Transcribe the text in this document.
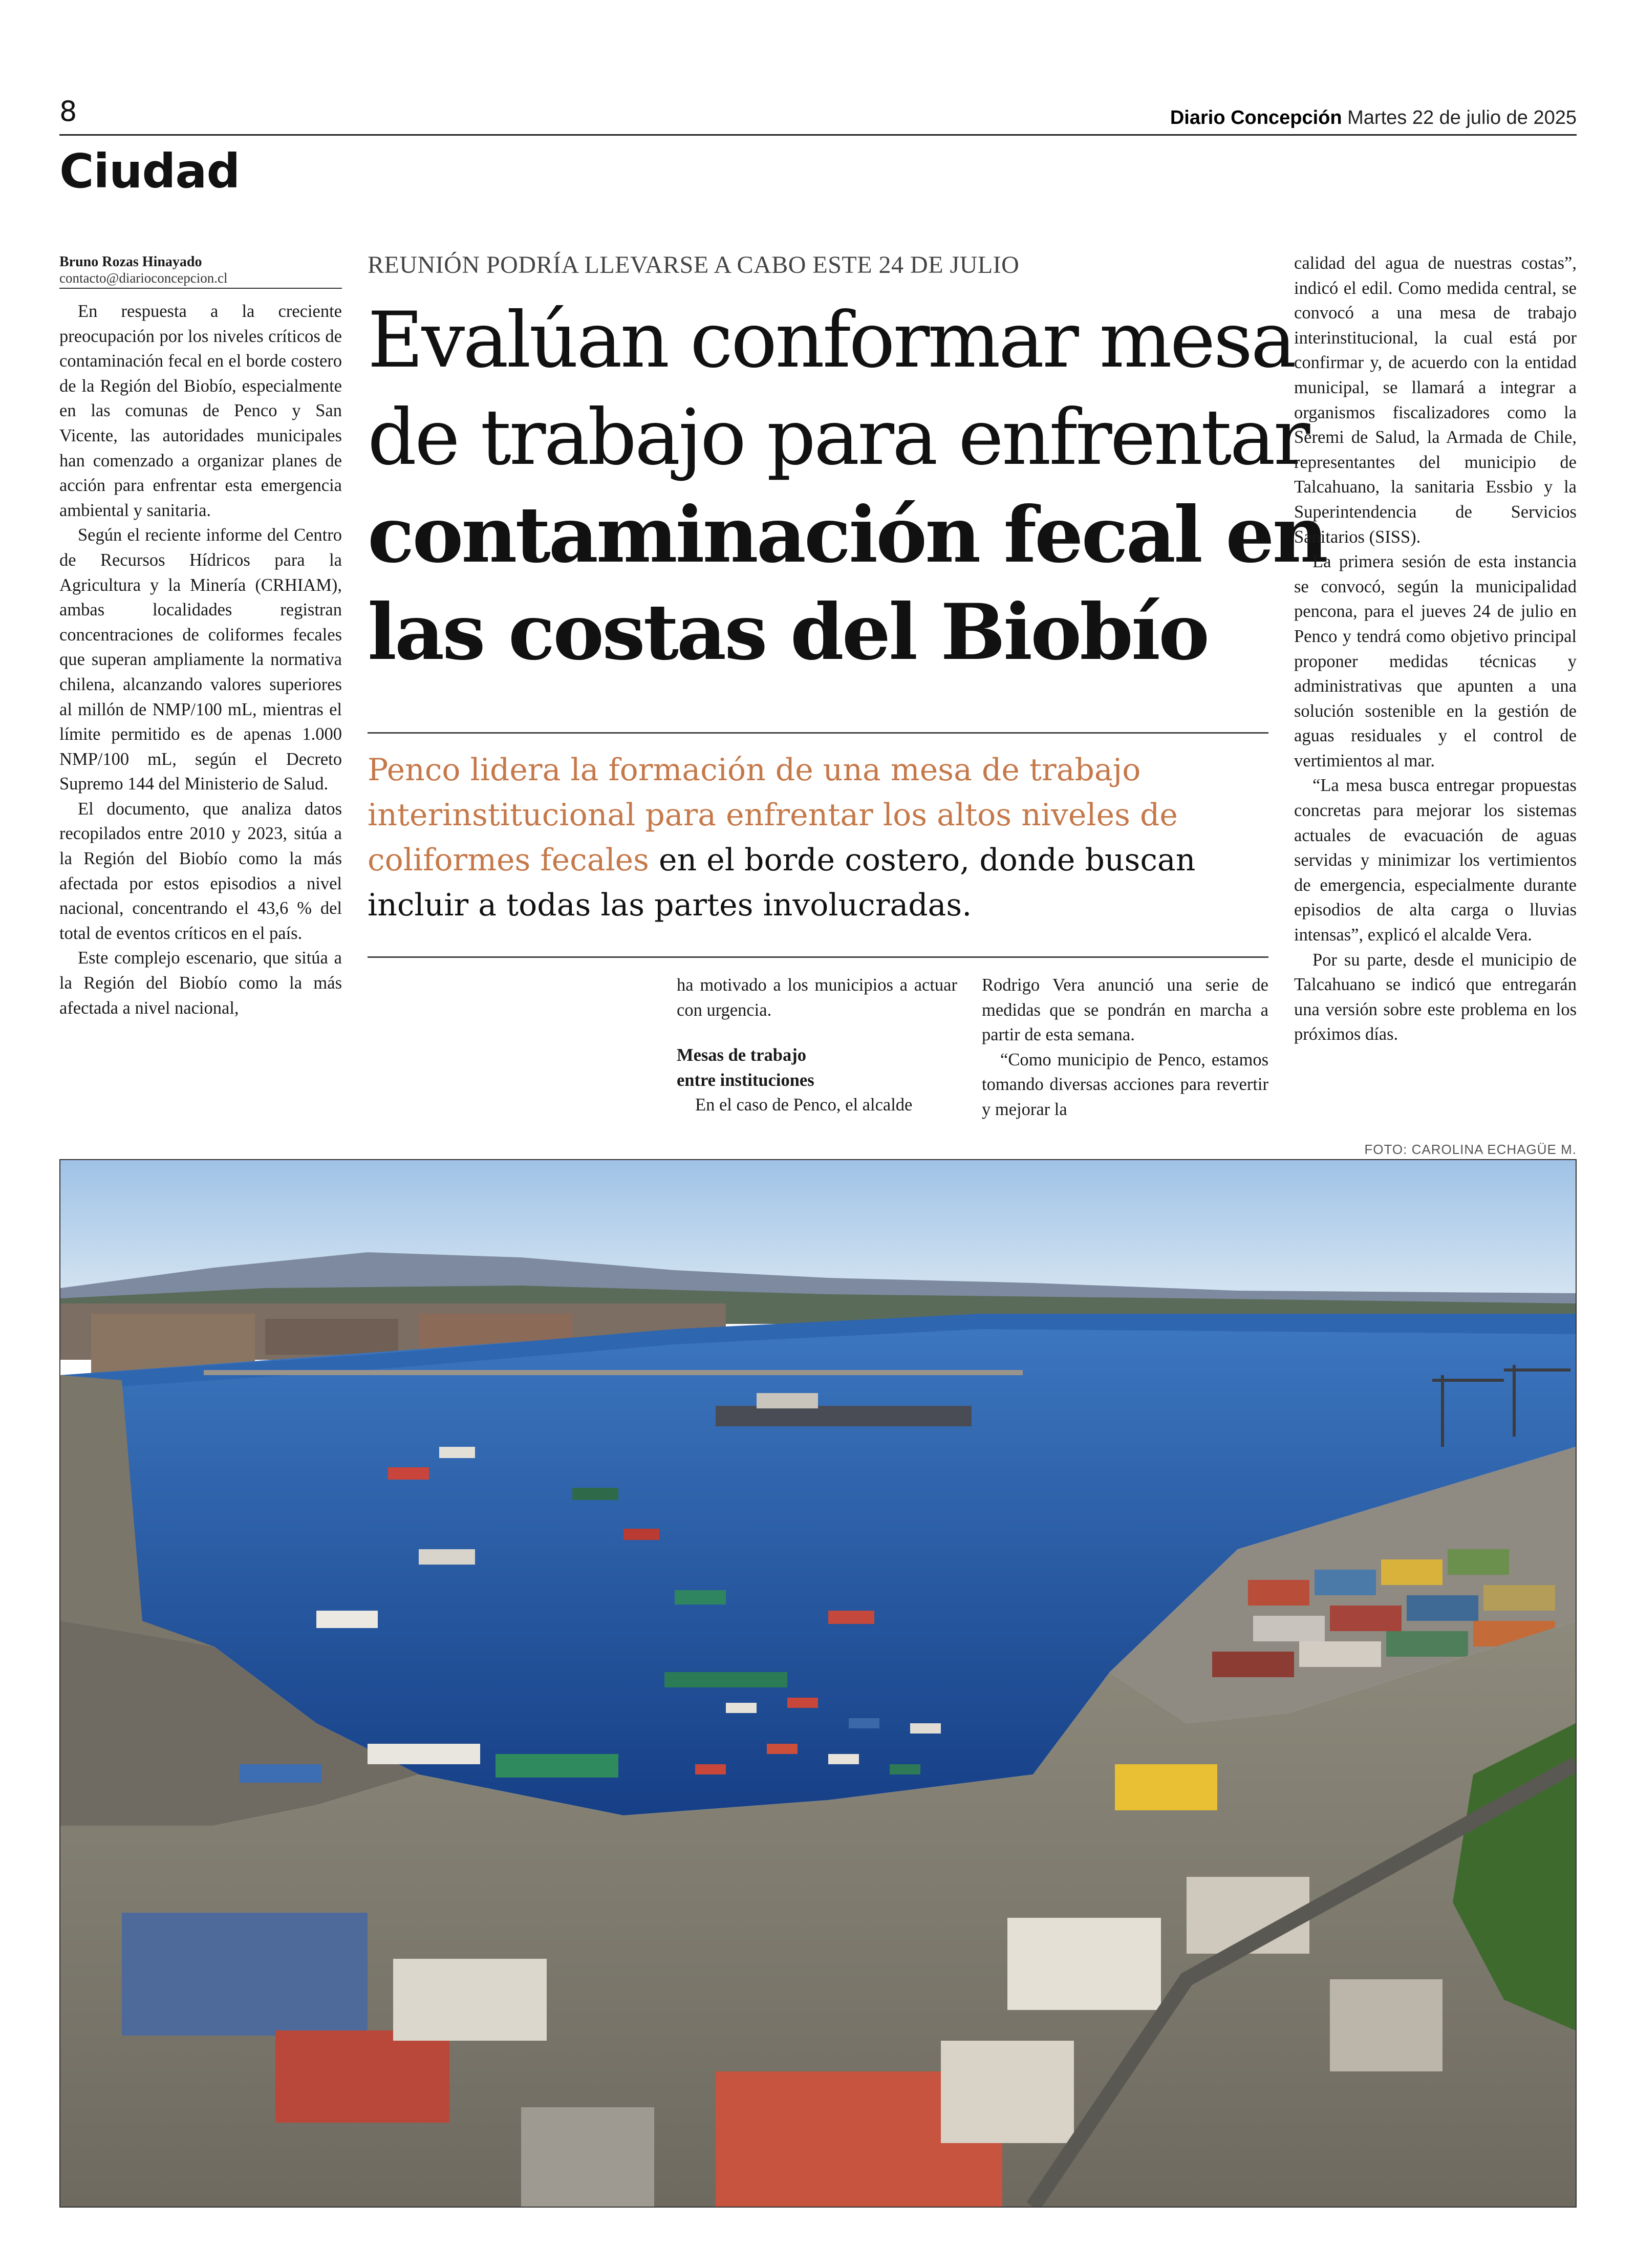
8	Diario Concepción Martes 22 de julio de 2025
Ciudad
Bruno Rozas Hinayado
contacto@diarioconcepcion.cl

En respuesta a la creciente preocupación por los niveles críticos de contaminación fecal en el borde costero de la Región del Biobío, especialmente en las comunas de Penco y San Vicente, las autoridades municipales han comenzado a organizar planes de acción para enfrentar esta emergencia ambiental y sanitaria.

Según el reciente informe del Centro de Recursos Hídricos para la Agricultura y la Minería (CRHIAM), ambas localidades registran concentraciones de coliformes fecales que superan ampliamente la normativa chilena, alcanzando valores superiores al millón de NMP/100 mL, mientras el límite permitido es de apenas 1.000 NMP/100 mL, según el Decreto Supremo 144 del Ministerio de Salud.

El documento, que analiza datos recopilados entre 2010 y 2023, sitúa a la Región del Biobío como la más afectada por estos episodios a nivel nacional, concentrando el 43,6 % del total de eventos críticos en el país.

Este complejo escenario, que sitúa a la Región del Biobío como la más afectada a nivel nacional,

REUNIÓN PODRÍA LLEVARSE A CABO ESTE 24 DE JULIO
Evalúan conformar mesa
de trabajo para enfrentar
contaminación fecal en
las costas del Biobío
Penco lidera la formación de una mesa de trabajo interinstitucional para enfrentar los altos niveles de coliformes fecales en el borde costero, donde buscan incluir a todas las partes involucradas.

ha motivado a los municipios a actuar con urgencia.

Mesas de trabajo
entre instituciones

En el caso de Penco, el alcalde

Rodrigo Vera anunció una serie de medidas que se pondrán en marcha a partir de esta semana.

“Como municipio de Penco, estamos tomando diversas acciones para revertir y mejorar la

calidad del agua de nuestras costas”, indicó el edil. Como medida central, se convocó a una mesa de trabajo interinstitucional, la cual está por confirmar y, de acuerdo con la entidad municipal, se llamará a integrar a organismos fiscalizadores como la Seremi de Salud, la Armada de Chile, representantes del municipio de Talcahuano, la sanitaria Essbio y la Superintendencia de Servicios Sanitarios (SISS).

La primera sesión de esta instancia se convocó, según la municipalidad pencona, para el jueves 24 de julio en Penco y tendrá como objetivo principal proponer medidas técnicas y administrativas que apunten a una solución sostenible en la gestión de aguas residuales y el control de vertimientos al mar.

“La mesa busca entregar propuestas concretas para mejorar los sistemas actuales de evacuación de aguas servidas y minimizar los vertimientos de emergencia, especialmente durante episodios de alta carga o lluvias intensas”, explicó el alcalde Vera.

Por su parte, desde el municipio de Talcahuano se indicó que entregarán una versión sobre este problema en los próximos días.

FOTO: CAROLINA ECHAGÜE M.
